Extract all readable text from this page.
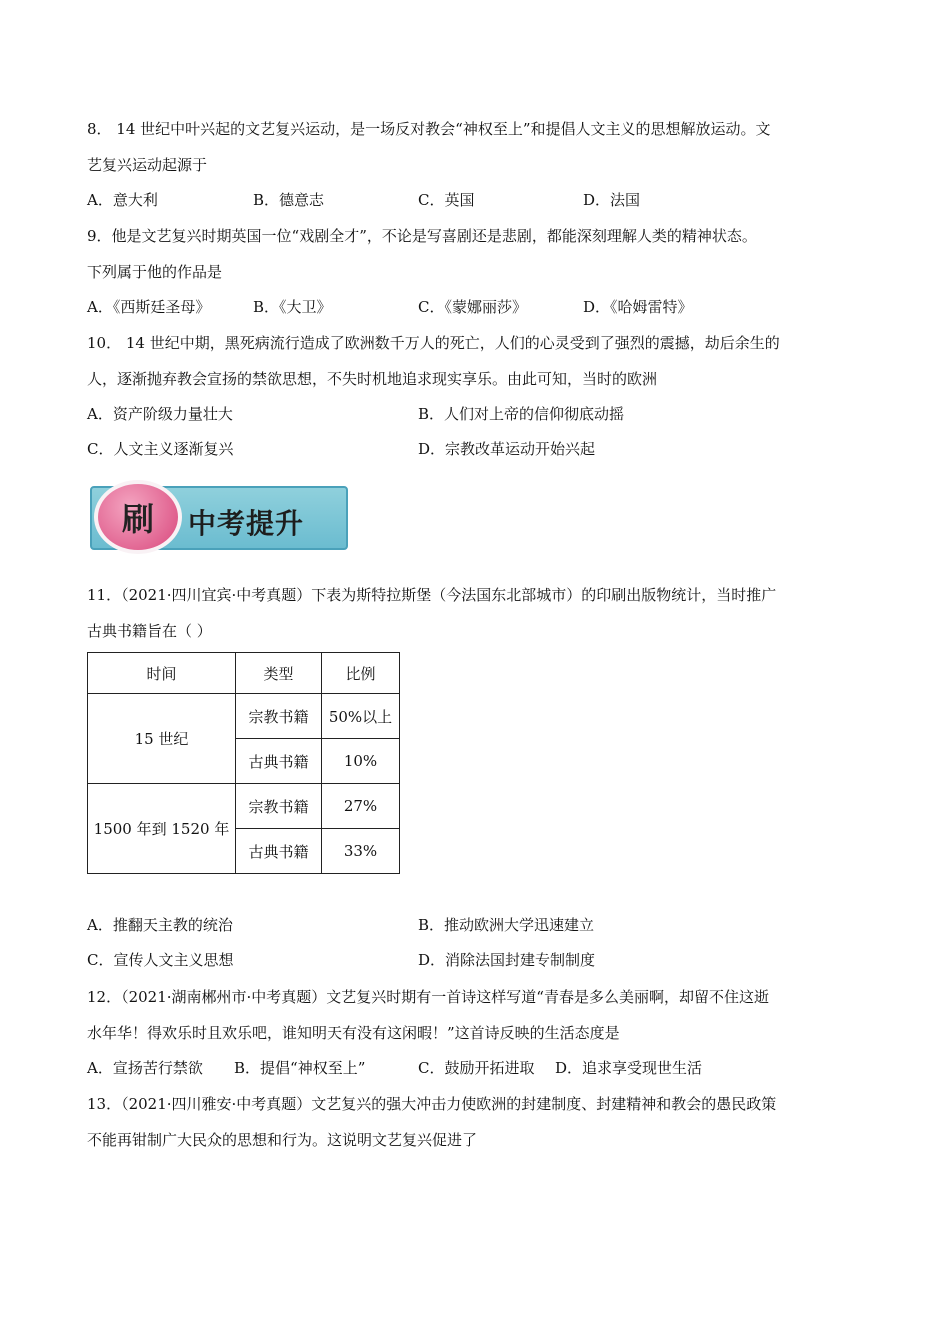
8． 14 世纪中叶兴起的文艺复兴运动，是一场反对教会“神权至上”和提倡人文主义的思想解放运动。文
艺复兴运动起源于
A．意大利	B．德意志	C．英国	D．法国
9．他是文艺复兴时期英国一位“戏剧全才”，不论是写喜剧还是悲剧，都能深刻理解人类的精神状态。
下列属于他的作品是
A．《西斯廷圣母》	B．《大卫》	C．《蒙娜丽莎》	D．《哈姆雷特》
10． 14 世纪中期，黑死病流行造成了欧洲数千万人的死亡，人们的心灵受到了强烈的震撼，劫后余生的
人，逐渐抛弃教会宣扬的禁欲思想，不失时机地追求现实享乐。由此可知，当时的欧洲
A．资产阶级力量壮大	B．人们对上帝的信仰彻底动摇
C．人文主义逐渐复兴	D．宗教改革运动开始兴起
刷 中考提升
11．（2021·四川宜宾·中考真题）下表为斯特拉斯堡（今法国东北部城市）的印刷出版物统计，当时推广
古典书籍旨在（ ）
时间	类型	比例
15 世纪	宗教书籍	50%以上
	古典书籍	10%
1500 年到 1520 年	宗教书籍	27%
	古典书籍	33%
A．推翻天主教的统治	B．推动欧洲大学迅速建立
C．宣传人文主义思想	D．消除法国封建专制制度
12．（2021·湖南郴州市·中考真题）文艺复兴时期有一首诗这样写道“青春是多么美丽啊，却留不住这逝
水年华！得欢乐时且欢乐吧，谁知明天有没有这闲暇！”这首诗反映的生活态度是
A．宣扬苦行禁欲 B．提倡“神权至上”	C．鼓励开拓进取 D．追求享受现世生活
13．（2021·四川雅安·中考真题）文艺复兴的强大冲击力使欧洲的封建制度、封建精神和教会的愚民政策
不能再钳制广大民众的思想和行为。这说明文艺复兴促进了
